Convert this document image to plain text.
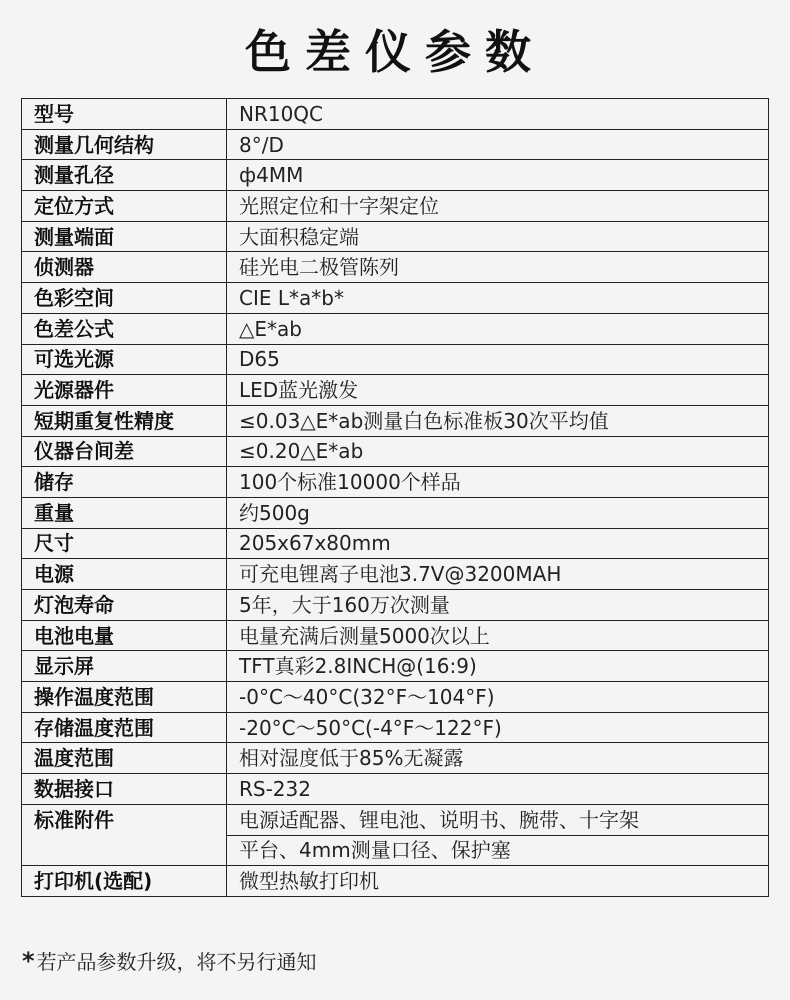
色差仪参数
型号	NR10QC
测量几何结构	8°/D
测量孔径	ф4MM
定位方式	光照定位和十字架定位
测量端面	大面积稳定端
侦测器	硅光电二极管陈列
色彩空间	CIE L*a*b*
色差公式	△E*ab
可选光源	D65
光源器件	LED蓝光激发
短期重复性精度	≤0.03△E*ab测量白色标准板30次平均值
仪器台间差	≤0.20△E*ab
储存	100个标准10000个样品
重量	约500g
尺寸	205x67x80mm
电源	可充电锂离子电池3.7V@3200MAH
灯泡寿命	5年，大于160万次测量
电池电量	电量充满后测量5000次以上
显示屏	TFT真彩2.8INCH@(16:9)
操作温度范围	-0°C～40°C(32°F～104°F)
存储温度范围	-20°C～50°C(-4°F～122°F)
温度范围	相对湿度低于85%无凝露
数据接口	RS-232
标准附件	电源适配器、锂电池、说明书、腕带、十字架
	平台、4mm测量口径、保护塞
打印机(选配)	微型热敏打印机
* 若产品参数升级，将不另行通知
